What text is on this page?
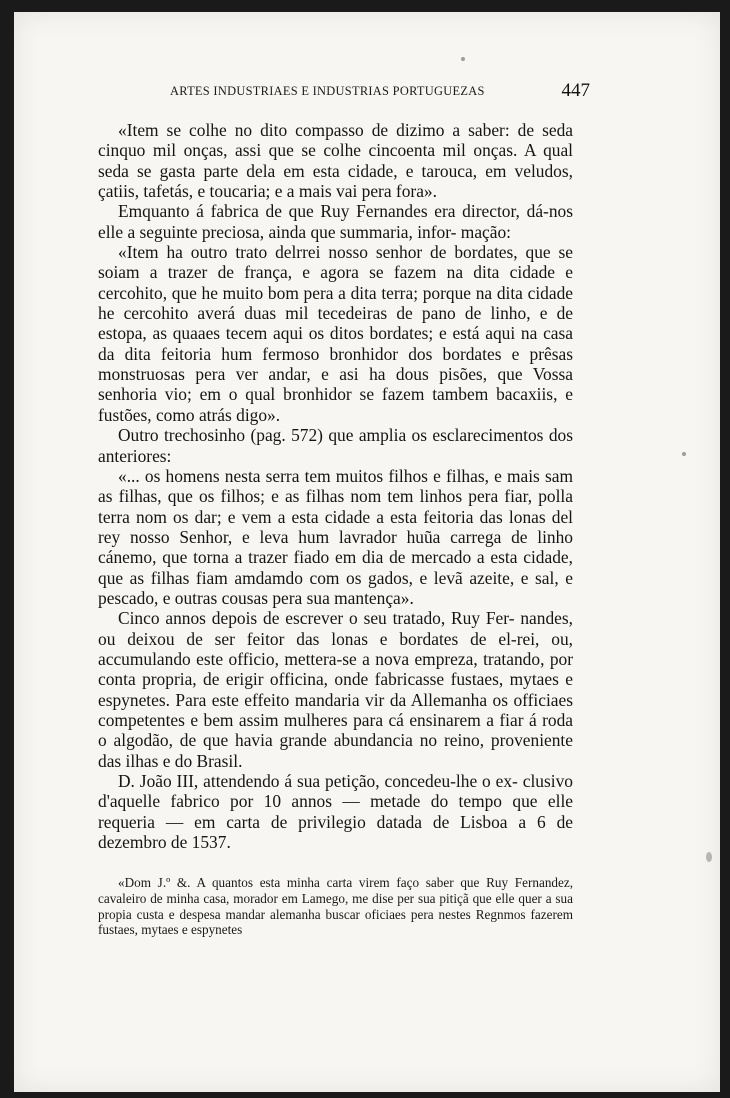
ARTES INDUSTRIAES E INDUSTRIAS PORTUGUEZAS	447

«Item se colhe no dito compasso de dizimo a saber: de seda cinquo mil onças, assi que se colhe cincoenta mil onças. A qual seda se gasta parte dela em esta cidade, e tarouca, em veludos, çatiis, tafetás, e toucaria; e a mais vai pera fora».

Emquanto á fabrica de que Ruy Fernandes era director, dá-nos elle a seguinte preciosa, ainda que summaria, infor- mação:

«Item ha outro trato delrrei nosso senhor de bordates, que se soiam a trazer de frança, e agora se fazem na dita cidade e cercohito, que he muito bom pera a dita terra; porque na dita cidade he cercohito averá duas mil tecedeiras de pano de linho, e de estopa, as quaaes tecem aqui os ditos bordates; e está aqui na casa da dita feitoria hum fermoso bronhidor dos bordates e prêsas monstruosas pera ver andar, e asi ha dous pisões, que Vossa senhoria vio; em o qual bronhidor se fazem tambem bacaxiis, e fustões, como atrás digo».

Outro trechosinho (pag. 572) que amplia os esclarecimentos dos anteriores:

«... os homens nesta serra tem muitos filhos e filhas, e mais sam as filhas, que os filhos; e as filhas nom tem linhos pera fiar, polla terra nom os dar; e vem a esta cidade a esta feitoria das lonas del rey nosso Senhor, e leva hum lavrador huũa carrega de linho cánemo, que torna a trazer fiado em dia de mercado a esta cidade, que as filhas fiam amdamdo com os gados, e levã azeite, e sal, e pescado, e outras cousas pera sua mantença».

Cinco annos depois de escrever o seu tratado, Ruy Fer- nandes, ou deixou de ser feitor das lonas e bordates de el-rei, ou, accumulando este officio, mettera-se a nova empreza, tratando, por conta propria, de erigir officina, onde fabricasse fustaes, mytaes e espynetes. Para este effeito mandaria vir da Allemanha os officiaes competentes e bem assim mulheres para cá ensinarem a fiar á roda o algodão, de que havia grande abundancia no reino, proveniente das ilhas e do Brasil.

D. João III, attendendo á sua petição, concedeu-lhe o ex- clusivo d'aquelle fabrico por 10 annos — metade do tempo que elle requeria — em carta de privilegio datada de Lisboa a 6 de dezembro de 1537.

«Dom J.º &. A quantos esta minha carta virem faço saber que Ruy Fernandez, cavaleiro de minha casa, morador em Lamego, me dise per sua pitiçã que elle quer a sua propia custa e despesa mandar alemanha buscar oficiaes pera nestes Regnmos fazerem fustaes, mytaes e espynetes
